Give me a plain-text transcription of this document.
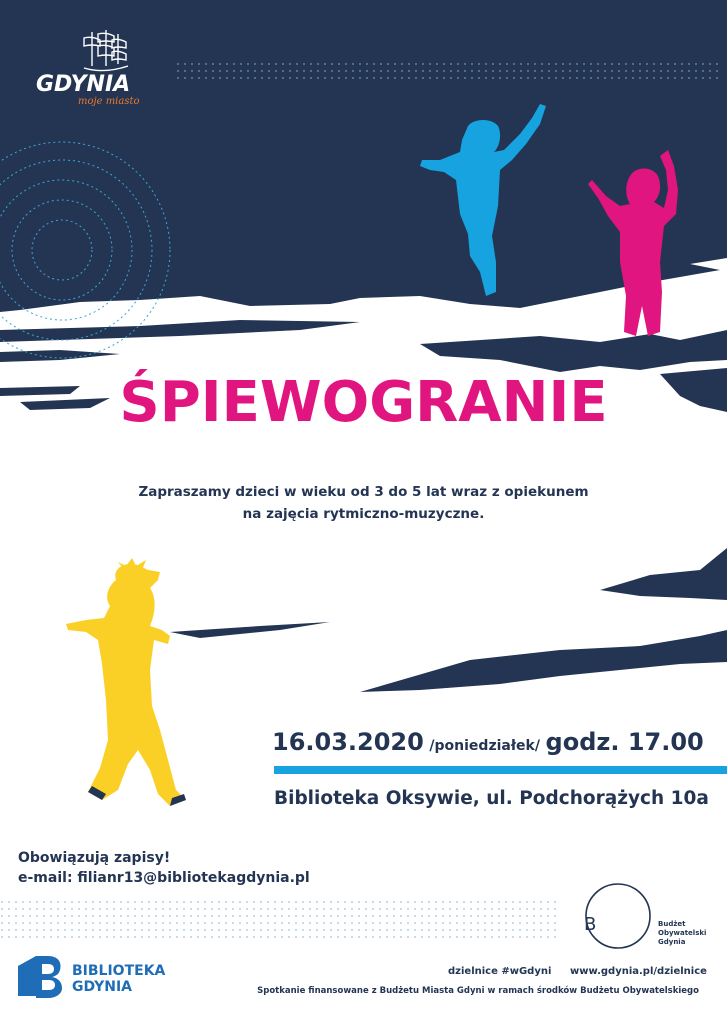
GDYNIA
moje miasto
ŚPIEWOGRANIE

Zapraszamy dzieci w wieku od 3 do 5 lat wraz z opiekunem

na zajęcia rytmiczno-muzyczne.

16.03.2020 /poniedziałek/ godz. 17.00
Biblioteka Oksywie, ul. Podchorążych 10a

Obowiązują zapisy!

e-mail: filianr13@bibliotekagdynia.pl

B	Budżet
Obywatelski
Gdynia
BIBLIOTEKA
GDYNIA
dzielnice #wGdyni www.gdynia.pl/dzielnice
Spotkanie finansowane z Budżetu Miasta Gdyni w ramach środków Budżetu Obywatelskiego
